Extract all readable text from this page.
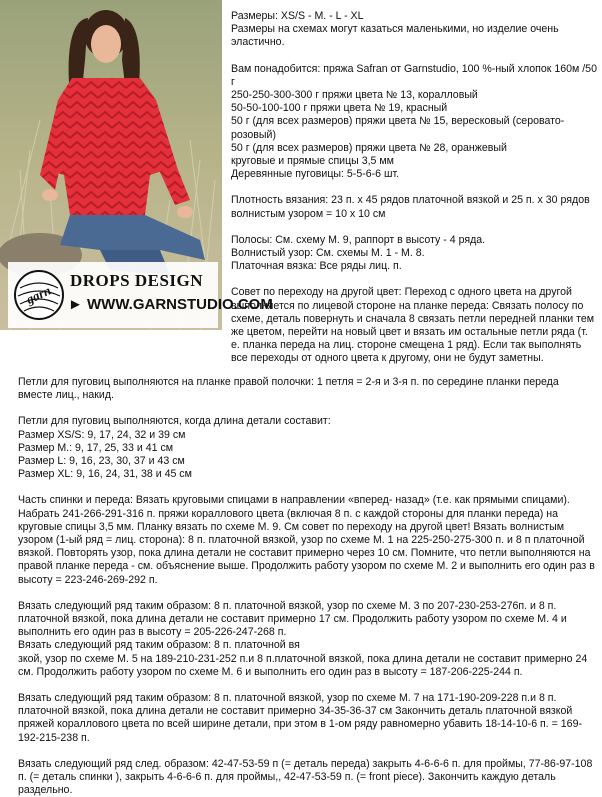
garn
DROPS DESIGN
► WWW.GARNSTUDIO.COM

Размеры: XS/S - M. - L - XL

Размеры на схемах могут казаться маленькими, но изделие очень эластично.

Вам понадобится: пряжа Safran от Garnstudio, 100 %-ный хлопок 160м /50 г

250-250-300-300 г пряжи цвета № 13, коралловый

50-50-100-100 г пряжи цвета № 19, красный

50 г (для всех размеров) пряжи цвета № 15, вересковый (серовато-розовый)

50 г (для всех размеров) пряжи цвета № 28, оранжевый

круговые и прямые спицы 3,5 мм

Деревянные пуговицы: 5-5-6-6 шт.

Плотность вязания: 23 п. x 45 рядов платочной вязкой и 25 п. x 30 рядов волнистым узором = 10 x 10 см

Полосы: См. схему М. 9, раппорт в высоту - 4 ряда.

Волнистый узор: См. схемы М. 1 - М. 8.

Платочная вязка: Все ряды лиц. п.

Совет по переходу на другой цвет: Переход с одного цвета на другой выполняется по лицевой стороне на планке переда: Связать полосу по схеме, деталь повернуть и сначала 8 связать петли передней планки тем же цветом, перейти на новый цвет и вязать им остальные петли ряда (т. е. планка переда на лиц. стороне смещена 1 ряд). Если так выполнять все переходы от одного цвета к другому, они не будут заметны.

Петли для пуговиц выполняются на планке правой полочки: 1 петля = 2-я и 3-я п. по середине планки переда вместе лиц., накид.

Петли для пуговиц выполняются, когда длина детали составит:

Размер XS/S: 9, 17, 24, 32 и 39 см

Размер M.: 9, 17, 25, 33 и 41 см

Размер L: 9, 16, 23, 30, 37 и 43 см

Размер XL: 9, 16, 24, 31, 38 и 45 см

Часть спинки и переда: Вязать круговыми спицами в направлении «вперед- назад» (т.е. как прямыми спицами). Набрать 241-266-291-316 п. пряжи кораллового цвета (включая 8 п. с каждой стороны для планки переда) на круговые спицы 3,5 мм. Планку вязать по схеме М. 9. См совет по переходу на другой цвет! Вязать волнистым узором (1-ый ряд = лиц. сторона): 8 п. платочной вязкой, узор по схеме М. 1 на 225-250-275-300 п. и 8 п платочной вязкой. Повторять узор, пока длина детали не составит примерно через 10 см. Помните, что петли выполняются на правой планке переда - см. объяснение выше. Продолжить работу узором по схеме М. 2 и выполнить его один раз в высоту = 223-246-269-292 п.

Вязать следующий ряд таким образом: 8 п. платочной вязкой, узор по схеме М. 3 по 207-230-253-276п. и 8 п. платочной вязкой, пока длина детали не составит примерно 17 см. Продолжить работу узором по схеме М. 4 и выполнить его один раз в высоту = 205-226-247-268 п.
Вязать следующий ряд таким образом: 8 п. платочной вя
зкой, узор по схеме М. 5 на 189-210-231-252 п.и 8 п.платочной вязкой, пока длина детали не составит примерно 24 см. Продолжить работу узором по схеме М. 6 и выполнить его один раз в высоту = 187-206-225-244 п.

Вязать следующий ряд таким образом: 8 п. платочной вязкой, узор по схеме М. 7 на 171-190-209-228 п.и 8 п. платочной вязкой, пока длина детали не составит примерно 34-35-36-37 см Закончить деталь платочной вязкой пряжей кораллового цвета по всей ширине детали, при этом в 1-ом ряду равномерно убавить 18-14-10-6 п. = 169-192-215-238 п.

Вязать следующий ряд след. образом: 42-47-53-59 п (= деталь переда) закрыть 4-6-6-6 п. для проймы, 77-86-97-108 п. (= деталь спинки ), закрыть 4-6-6-6 п. для проймы,, 42-47-53-59 п. (= front piece). Закончить каждую деталь раздельно.
